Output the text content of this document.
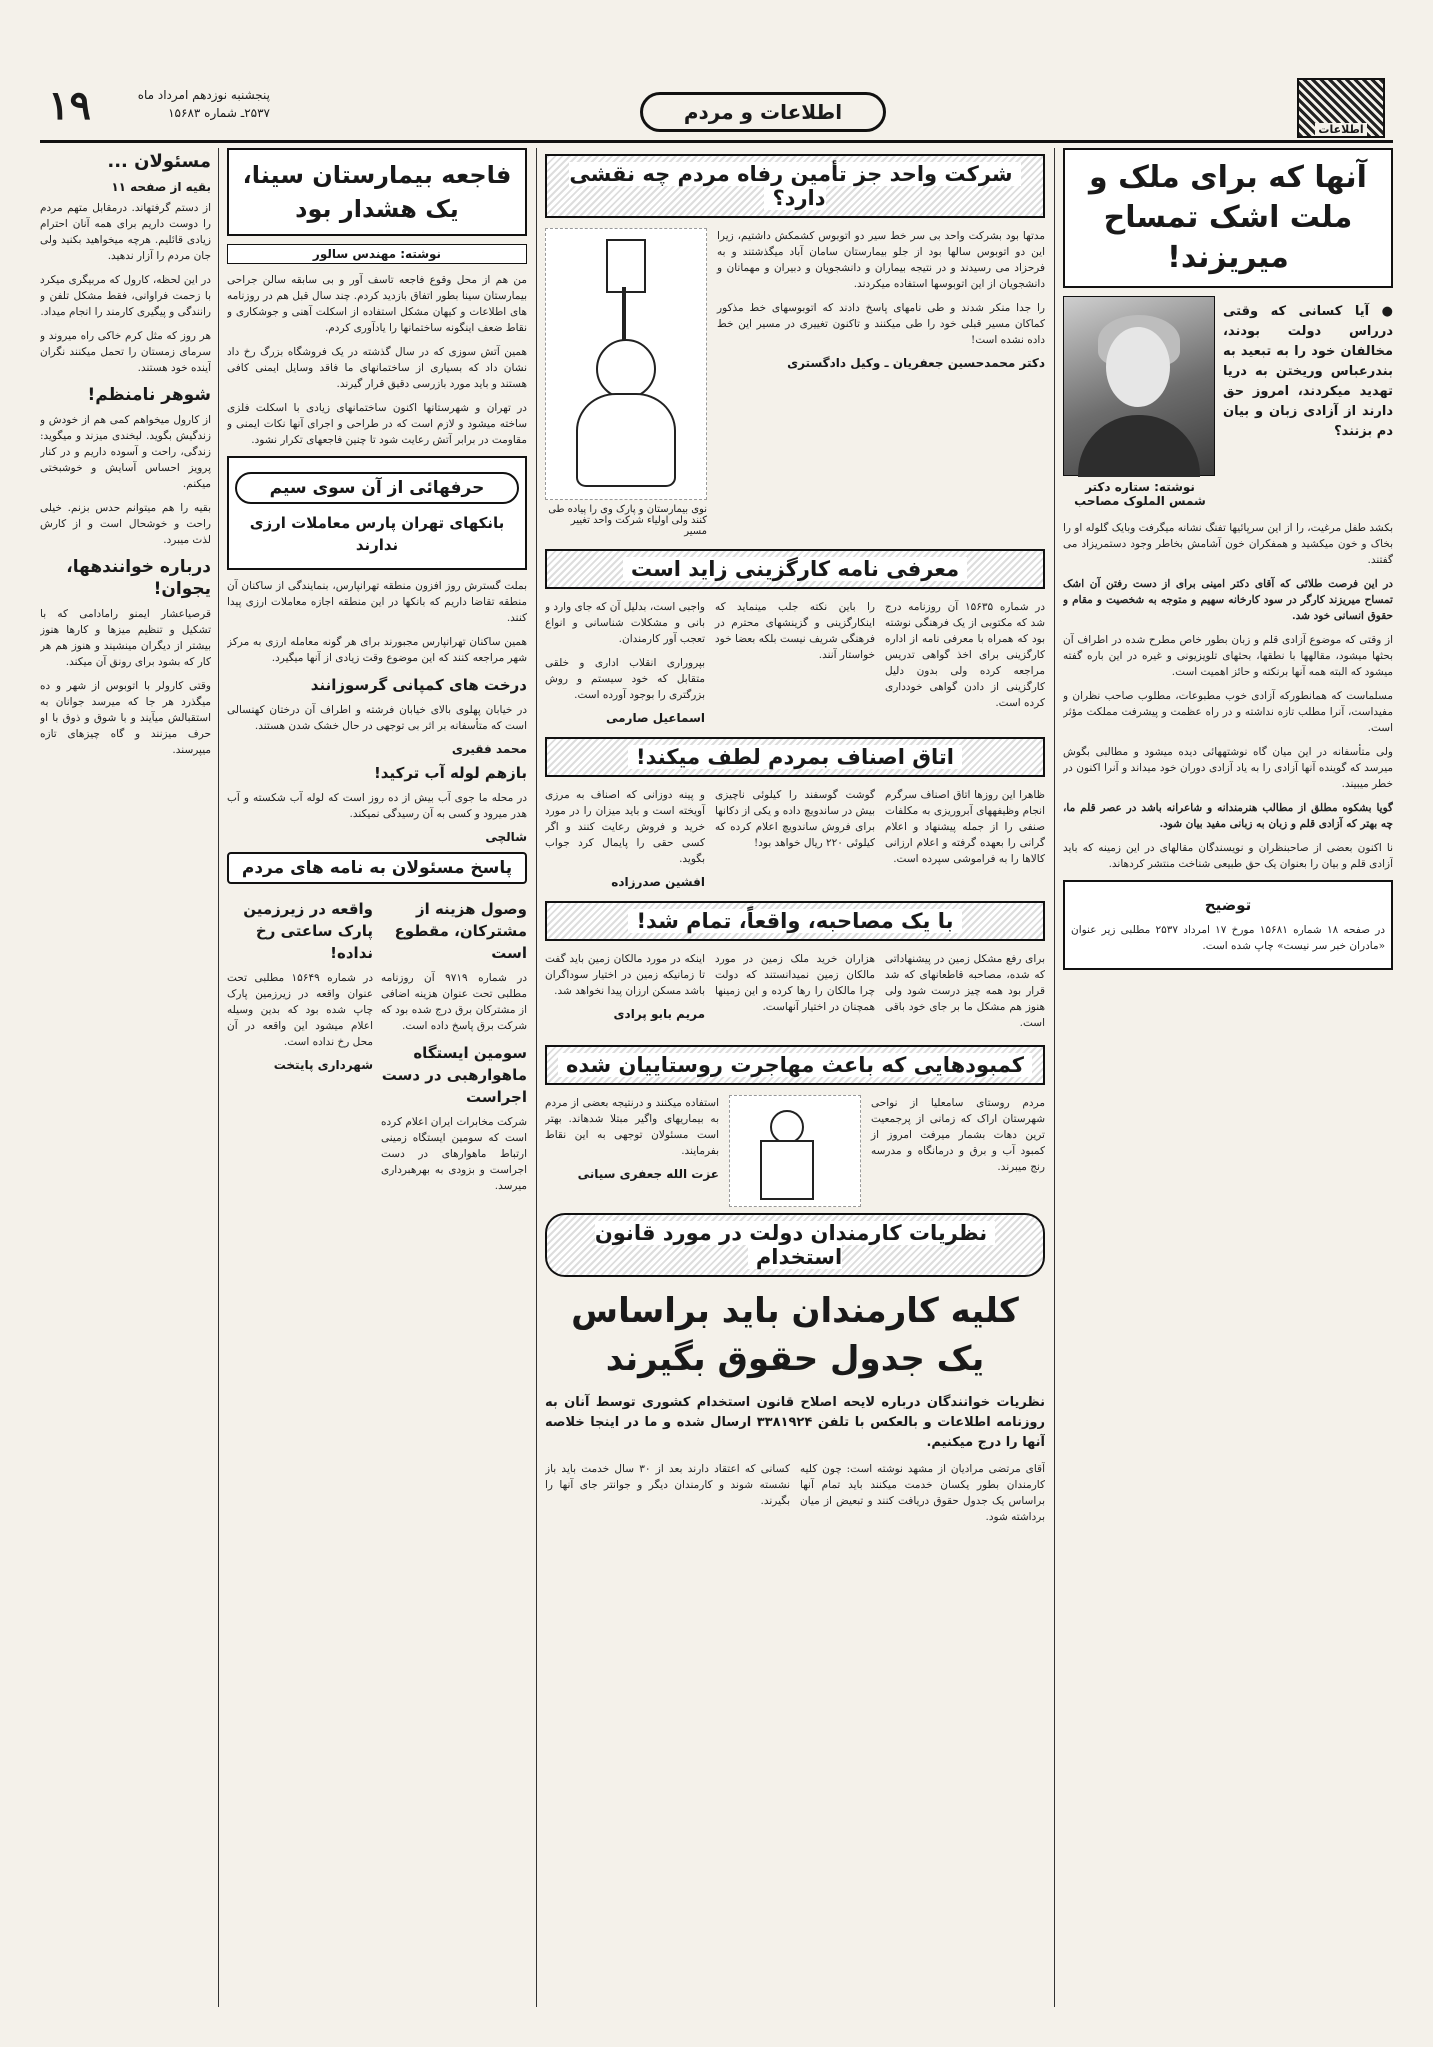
۱۹	پنجشنبه نوزدهم امرداد ماه
۲۵۳۷ـ شماره ۱۵۶۸۳	اطلاعات و مردم
اطلاعات
آنها که برای ملک و ملت اشک تمساح میریزند!
● آیا کسانی که وقتی درراس دولت بودند، مخالفان خود را به تبعید به بندرعباس وریختن به دریا تهدید میکردند، امروز حق دارند از آزادی زبان و بیان دم بزنند؟
نوشته: ستاره دکتر شمس الملوک مصاحب

بکشد طفل مرغیت، را از این سرپائیها تفنگ نشانه میگرفت وبایک گلوله او را بخاک و خون میکشید و همفکران خون آشامش بخاطر وجود دستمریزاد می گفتند.

در این فرصت طلائی که آقای دکتر امینی برای از دست رفتن آن اشک تمساح میریزند کارگر در سود کارخانه سهیم و متوجه به شخصیت و مقام و حقوق انسانی خود شد.

از وقتی که موضوع آزادی قلم و زبان بطور خاص مطرح شده در اطراف آن بحثها میشود، مقالهها با نطقها، بحثهای تلویزیونی و غیره در این باره گفته میشود که البته همه آنها برنکته و حائز اهمیت است.

مسلماست که همانطورکه آزادی خوب مطبوعات، مطلوب صاحب نظران و مفیداست، آنرا مطلب تازه نداشته و در راه عظمت و پیشرفت مملکت مؤثر است.

ولی متأسفانه در این میان گاه نوشتههائی دیده میشود و مطالبی بگوش میرسد که گوینده آنها آزادی را به یاد آزادی دوران خود میداند و آنرا اکنون در خطر میبیند.

گویا بشکوه مطلق از مطالب هنرمندانه و شاعرانه باشد در عصر قلم ما، چه بهتر که آزادی قلم و زبان به زبانی مفید بیان شود.

نا اکنون بعضی از صاحبنظران و نویسندگان مقالهای در این زمینه که باید آزادی قلم و بیان را بعنوان یک حق طبیعی شناخت منتشر کردهاند.

توضیح

در صفحه ۱۸ شماره ۱۵۶۸۱ مورخ ۱۷ امرداد ۲۵۳۷ مطلبی زیر عنوان «مادران خبر سر نیست» چاپ شده است.

شرکت واحد جز تأمین رفاه مردم چه نقشی دارد؟

مدتها بود بشرکت واحد بی سر خط سیر دو اتوبوس کشمکش داشتیم، زیرا این دو اتوبوس سالها بود از جلو بیمارستان سامان آباد میگذشتند و به فرحزاد می رسیدند و در نتیجه بیماران و دانشجویان و دبیران و مهمانان و دانشجویان از این اتوبوسها استفاده میکردند.

را جدا منکر شدند و طی نامهای پاسخ دادند که اتوبوسهای خط مذکور کماکان مسیر قبلی خود را طی میکنند و تاکنون تغییری در مسیر این خط داده نشده است!

دکتر محمدحسین جعفریان ـ وکیل دادگستری
نوی بیمارستان و پارک وی را پیاده طی کنند ولی اولیاء شرکت واحد تغییر مسیر
معرفی نامه کارگزینی زاید است

در شماره ۱۵۶۳۵ آن روزنامه درج شد که مکتوبی از یک فرهنگی نوشته بود که همراه با معرفی نامه از اداره کارگزینی برای اخذ گواهی تدریس مراجعه کرده ولی بدون دلیل کارگزینی از دادن گواهی خودداری کرده است.

را باین نکته جلب مینماید که اینکارگزینی و گزینشهای محترم در فرهنگی شریف نیست بلکه بعضا خود خواستار آنند.

واجبی است، بدلیل آن که جای وارد و بانی و مشکلات شناسانی و انواع تعجب آور کارمندان.

بپروراری انقلاب اداری و خلقی متقابل که خود سیستم و روش بزرگتری را بوجود آورده است.

اسماعیل صارمی
اتاق اصناف بمردم لطف میکند!

ظاهرا این روزها اتاق اصناف سرگرم انجام وظیفههای آبروریزی به مکلفات صنفی را از جمله پیشنهاد و اعلام گرانی را بعهده گرفته و اعلام ارزانی کالاها را به فراموشی سپرده است.

گوشت گوسفند را کیلوئی ناچیزی بیش در ساندویچ داده و یکی از دکانها برای فروش ساندویچ اعلام کرده که کیلوئی ۲۲۰ ریال خواهد بود!

و پینه دوزانی که اصناف به مرزی آویخته است و باید میزان را در مورد خرید و فروش رعایت کنند و اگر کسی حقی را پایمال کرد جواب بگوید.

افشین صدرزاده
با یک مصاحبه، واقعاً، تمام شد!

برای رفع مشکل زمین در پیشنهاداتی که شده، مصاحبه قاطعانهای که شد قرار بود همه چیز درست شود ولی هنوز هم مشکل ما بر جای خود باقی است.

هزاران خرید ملک زمین در مورد مالکان زمین نمیدانستند که دولت چرا مالکان را رها کرده و این زمینها همچنان در اختیار آنهاست.

اینکه در مورد مالکان زمین باید گفت تا زمانیکه زمین در اختیار سوداگران باشد مسکن ارزان پیدا نخواهد شد.

مریم بابو پرادی
کمبودهایی که باعث مهاجرت روستاییان شده

مردم روستای سامعلیا از نواحی شهرستان اراک که زمانی از پرجمعیت ترین دهات بشمار میرفت امروز از کمبود آب و برق و درمانگاه و مدرسه رنج میبرند.

استفاده میکنند و درنتیجه بعضی از مردم به بیماریهای واگیر مبتلا شدهاند. بهتر است مسئولان توجهی به این نقاط بفرمایند.

عزت الله جعفری سیانی
نظریات کارمندان دولت در مورد قانون استخدام
کلیه کارمندان باید براساس یک جدول حقوق بگیرند

نظریات خوانندگان درباره لایحه اصلاح قانون استخدام کشوری توسط آنان به روزنامه اطلاعات و بالعکس با تلفن ۳۳۸۱۹۲۴ ارسال شده و ما در اینجا خلاصه آنها را درج میکنیم.

آقای مرتضی مرادیان از مشهد نوشته است: چون کلیه کارمندان بطور یکسان خدمت میکنند باید تمام آنها براساس یک جدول حقوق دریافت کنند و تبعیض از میان برداشته شود.

کسانی که اعتقاد دارند بعد از ۳۰ سال خدمت باید باز نشسته شوند و کارمندان دیگر و جوانتر جای آنها را بگیرند.

فاجعه بیمارستان سینا، یک هشدار بود
نوشته: مهندس سالور

من هم از محل وقوع فاجعه تاسف آور و بی سابقه سالن جراحی بیمارستان سینا بطور اتفاق بازدید کردم. چند سال قبل هم در روزنامه های اطلاعات و کیهان مشکل استفاده از اسکلت آهنی و جوشکاری و نقاط ضعف اینگونه ساختمانها را یادآوری کردم.

همین آتش سوزی که در سال گذشته در یک فروشگاه بزرگ رخ داد نشان داد که بسیاری از ساختمانهای ما فاقد وسایل ایمنی کافی هستند و باید مورد بازرسی دقیق قرار گیرند.

در تهران و شهرستانها اکنون ساختمانهای زیادی با اسکلت فلزی ساخته میشود و لازم است که در طراحی و اجرای آنها نکات ایمنی و مقاومت در برابر آتش رعایت شود تا چنین فاجعهای تکرار نشود.

حرفهائی از آن سوی سیم
بانکهای تهران پارس معاملات ارزی ندارند

بملت گسترش روز افزون منطقه تهرانپارس، بنمایندگی از ساکنان آن منطقه تقاضا داریم که بانکها در این منطقه اجازه معاملات ارزی پیدا کنند.

همین ساکنان تهرانپارس مجبورند برای هر گونه معامله ارزی به مرکز شهر مراجعه کنند که این موضوع وقت زیادی از آنها میگیرد.

درخت های کمپانی گرسوزانند

در خیابان پهلوی بالای خیابان فرشته و اطراف آن درختان کهنسالی است که متأسفانه بر اثر بی توجهی در حال خشک شدن هستند.

محمد فقیری
بازهم لوله آب ترکید!

در محله ما جوی آب بیش از ده روز است که لوله آب شکسته و آب هدر میرود و کسی به آن رسیدگی نمیکند.

شالچی
پاسخ مسئولان به نامه های مردم
وصول هزینه از مشترکان، مقطوع است

در شماره ۹۷۱۹ آن روزنامه مطلبی تحت عنوان هزینه اضافی از مشترکان برق درج شده بود که شرکت برق پاسخ داده است.

سومین ایستگاه ماهوارهبی در دست اجراست

شرکت مخابرات ایران اعلام کرده است که سومین ایستگاه زمینی ارتباط ماهوارهای در دست اجراست و بزودی به بهرهبرداری میرسد.

واقعه در زیرزمین پارک ساعتی رخ نداده!

در شماره ۱۵۶۴۹ مطلبی تحت عنوان واقعه در زیرزمین پارک چاپ شده بود که بدین وسیله اعلام میشود این واقعه در آن محل رخ نداده است.

شهرداری پایتخت
مسئولان ...
بقیه از صفحه ۱۱

از دستم گرفتهاند. درمقابل متهم مردم را دوست داریم برای همه آنان احترام زیادی قائلیم. هرچه میخواهید بکنید ولی جان مردم را آزار ندهید.

در این لحظه، کارول که مربیگری میکرد با زحمت فراوانی، فقط مشکل تلفن و رانندگی و پیگیری کارمند را انجام میداد.

هر روز که مثل کرم خاکی راه میروند و سرمای زمستان را تحمل میکنند نگران آینده خود هستند.

شوهر نامنظم!

از کارول میخواهم کمی هم از خودش و زندگیش بگوید. لبخندی میزند و میگوید: زندگی، راحت و آسوده داریم و در کنار پرویز احساس آسایش و خوشبختی میکنم.

بقیه را هم میتوانم حدس بزنم. خیلی راحت و خوشحال است و از کارش لذت میبرد.

درباره خوانندهها، یجوان!

قرصیاعشار ایمنو رامادامی که با تشکیل و تنظیم میزها و کارها هنوز بیشتر از دیگران مینشیند و هنوز هم هر کار که بشود برای رونق آن میکند.

وقتی کارولر با اتوبوس از شهر و ده میگذرد هر جا که میرسد جوانان به استقبالش میآیند و با شوق و ذوق با او حرف میزنند و گاه چیزهای تازه میپرسند.
